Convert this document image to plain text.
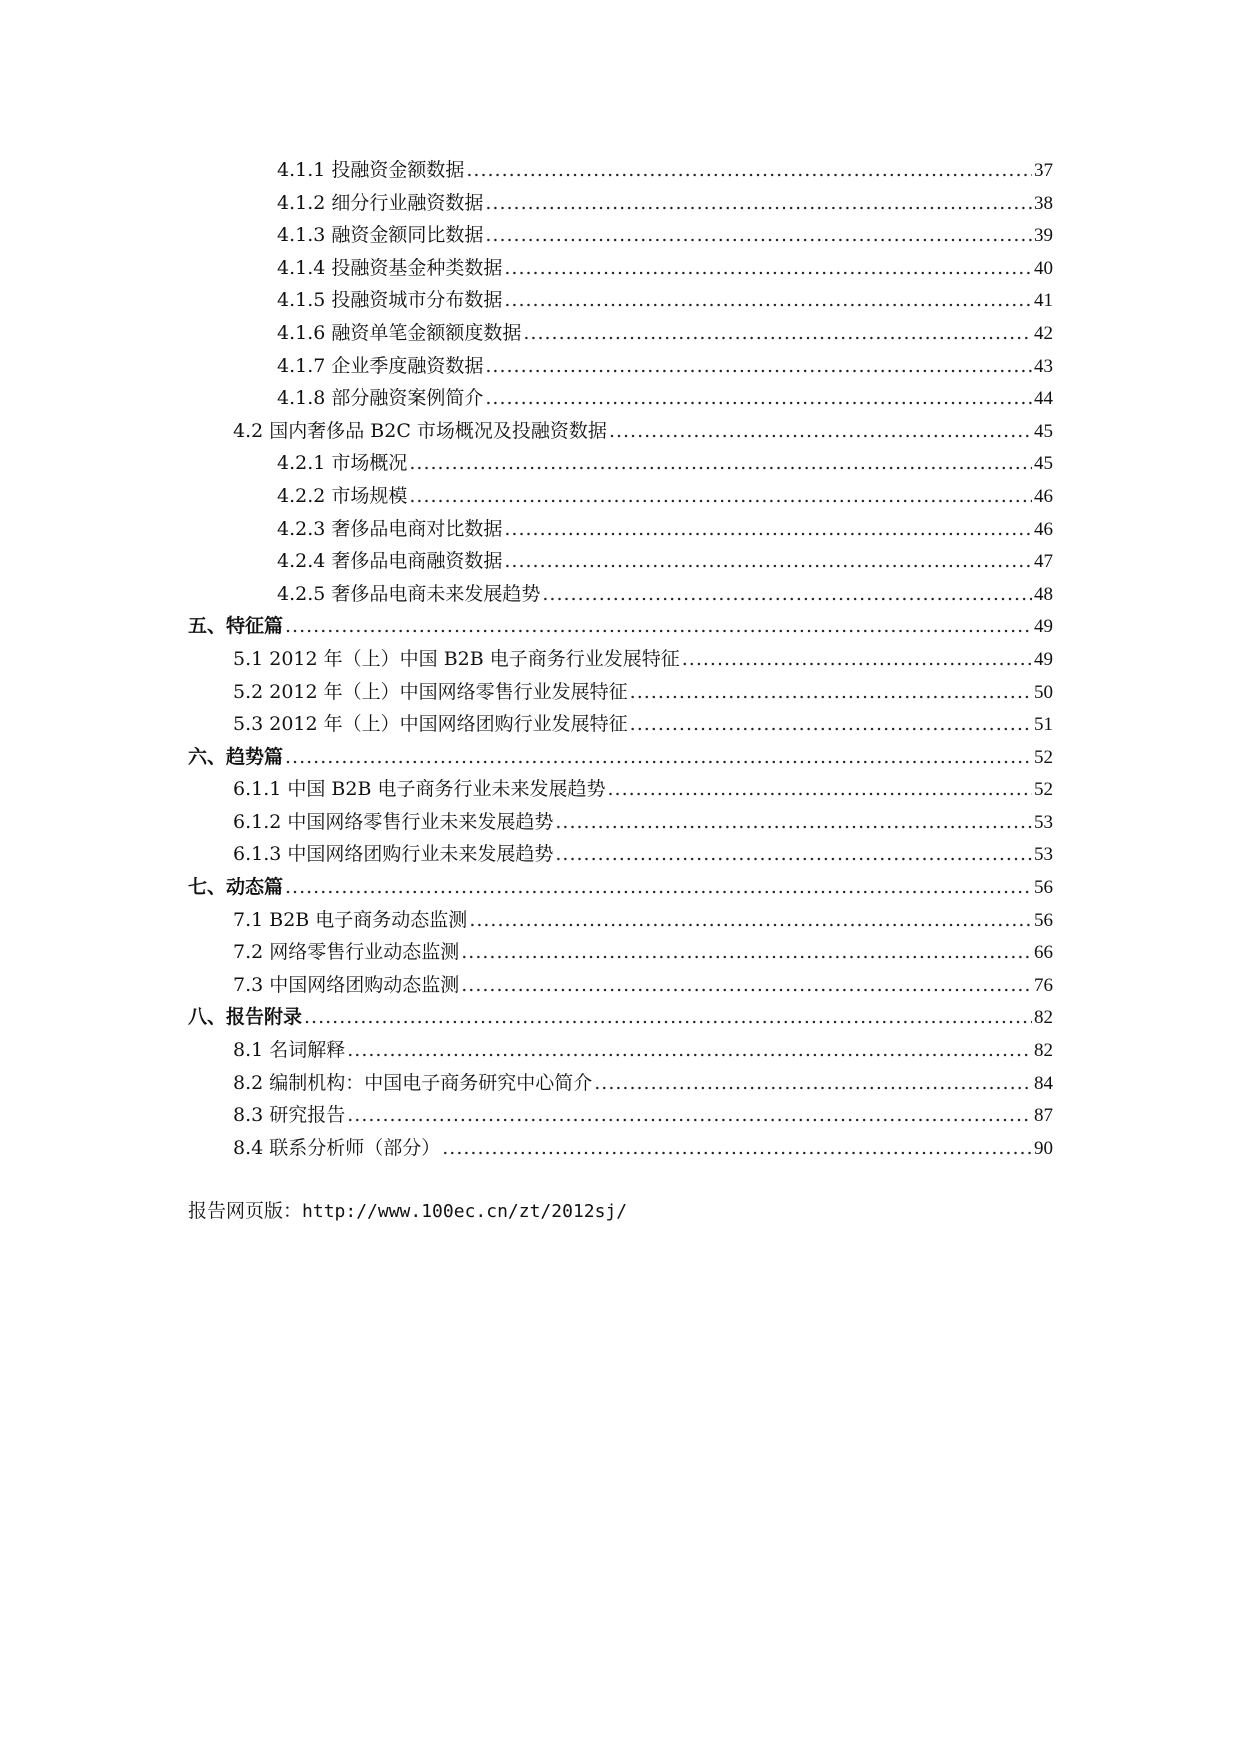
4.1.1 投融资金额数据 .....	37
4.1.2 细分行业融资数据 .....	38
4.1.3 融资金额同比数据 .....	39
4.1.4 投融资基金种类数据 .....	40
4.1.5 投融资城市分布数据 .....	41
4.1.6 融资单笔金额额度数据 .....	42
4.1.7 企业季度融资数据 .....	43
4.1.8 部分融资案例简介 .....	44
4.2 国内奢侈品 B2C 市场概况及投融资数据 .....	45
4.2.1 市场概况 .....	45
4.2.2 市场规模 .....	46
4.2.3 奢侈品电商对比数据 .....	46
4.2.4 奢侈品电商融资数据 .....	47
4.2.5 奢侈品电商未来发展趋势 .....	48
五、特征篇 .....	49
5.1 2012 年（上）中国 B2B 电子商务行业发展特征 .....	49
5.2 2012 年（上）中国网络零售行业发展特征 .....	50
5.3 2012 年（上）中国网络团购行业发展特征 .....	51
六、趋势篇 .....	52
6.1.1 中国 B2B 电子商务行业未来发展趋势 .....	52
6.1.2 中国网络零售行业未来发展趋势 .....	53
6.1.3 中国网络团购行业未来发展趋势 .....	53
七、动态篇 .....	56
7.1 B2B 电子商务动态监测 .....	56
7.2 网络零售行业动态监测 .....	66
7.3 中国网络团购动态监测 .....	76
八、报告附录 .....	82
8.1 名词解释 .....	82
8.2 编制机构：中国电子商务研究中心简介 .....	84
8.3 研究报告 .....	87
8.4 联系分析师（部分） .....	90
报告网页版：http://www.100ec.cn/zt/2012sj/
